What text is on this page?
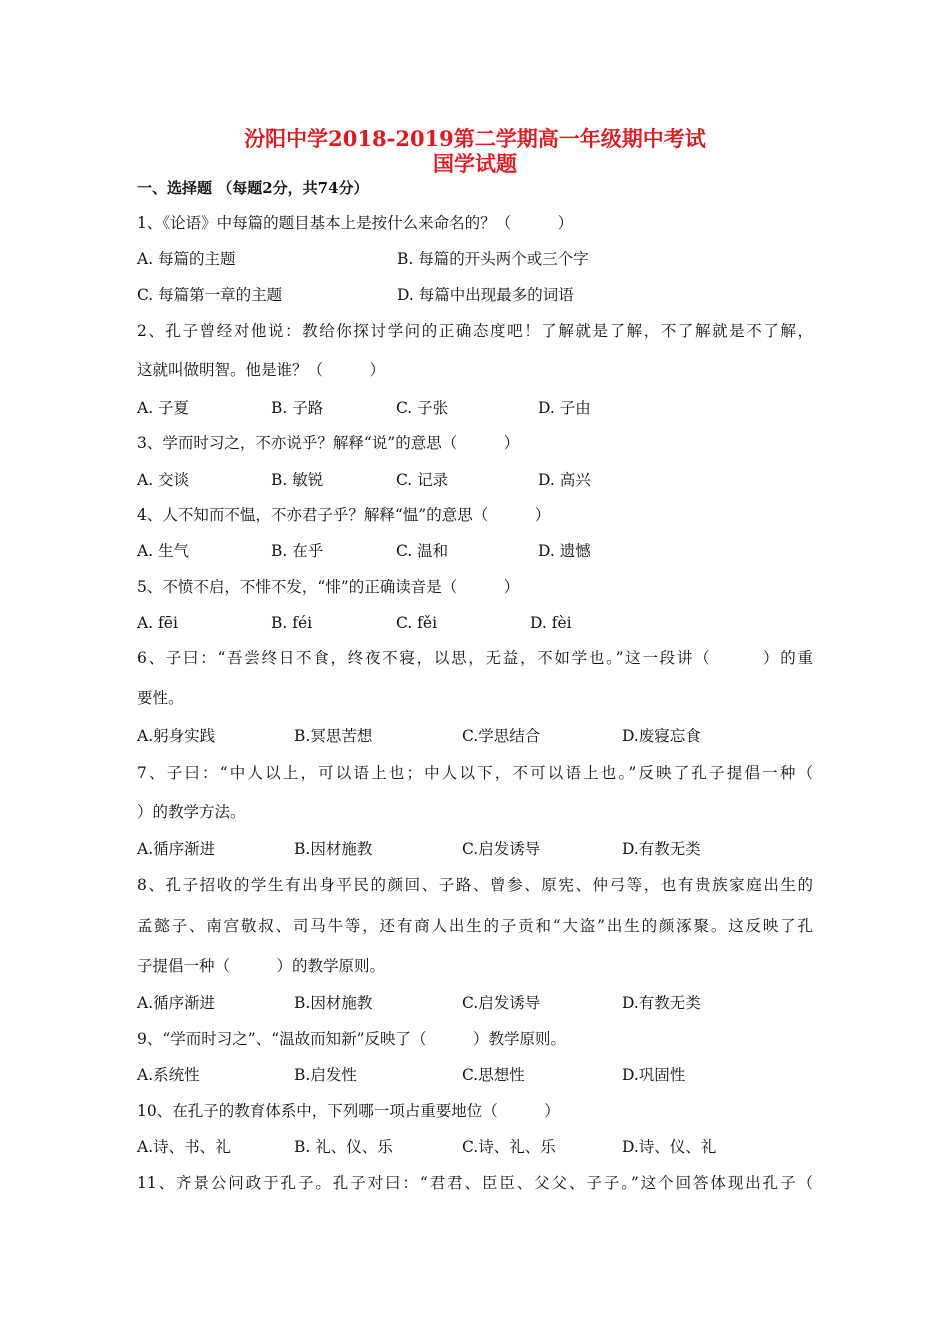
汾阳中学2018-2019第二学期高一年级期中考试
国学试题
一、选择题 （每题2分，共74分）
1、《论语》中每篇的题目基本上是按什么来命名的？（　　　）
A. 每篇的主题	B. 每篇的开头两个或三个字
C. 每篇第一章的主题	D. 每篇中出现最多的词语
2、孔子曾经对他说：教给你探讨学问的正确态度吧！了解就是了解，不了解就是不了解，
这就叫做明智。他是谁？（　　　）
A. 子夏	B. 子路	C. 子张	D. 子由
3、学而时习之，不亦说乎？解释“说”的意思（　　　）
A. 交谈	B. 敏锐	C. 记录	D. 高兴
4、人不知而不愠，不亦君子乎？解释“愠”的意思（　　　）
A. 生气	B. 在乎	C. 温和	D. 遗憾
5、不愤不启，不悱不发，“悱”的正确读音是（　　　）
A. fēi	B. féi	C. fěi	D. fèi
6、子曰：“吾尝终日不食，终夜不寝，以思，无益，不如学也。”这一段讲（　　　）的重
要性。
A.躬身实践	B.冥思苦想	C.学思结合	D.废寝忘食
7、子曰：“中人以上，可以语上也；中人以下，不可以语上也。”反映了孔子提倡一种（
）的教学方法。
A.循序渐进	B.因材施教	C.启发诱导	D.有教无类
8、孔子招收的学生有出身平民的颜回、子路、曾参、原宪、仲弓等，也有贵族家庭出生的
孟懿子、南宫敬叔、司马牛等，还有商人出生的子贡和“大盗”出生的颜涿聚。这反映了孔
子提倡一种（　　　）的教学原则。
A.循序渐进	B.因材施教	C.启发诱导	D.有教无类
9、“学而时习之”、“温故而知新”反映了（　　　）教学原则。
A.系统性	B.启发性	C.思想性	D.巩固性
10、在孔子的教育体系中，下列哪一项占重要地位（　　　）
A.诗、书、礼	B. 礼、仪、乐	C.诗、礼、乐	D.诗、仪、礼
11、齐景公问政于孔子。孔子对曰：“君君、臣臣、父父、子子。”这个回答体现出孔子（
